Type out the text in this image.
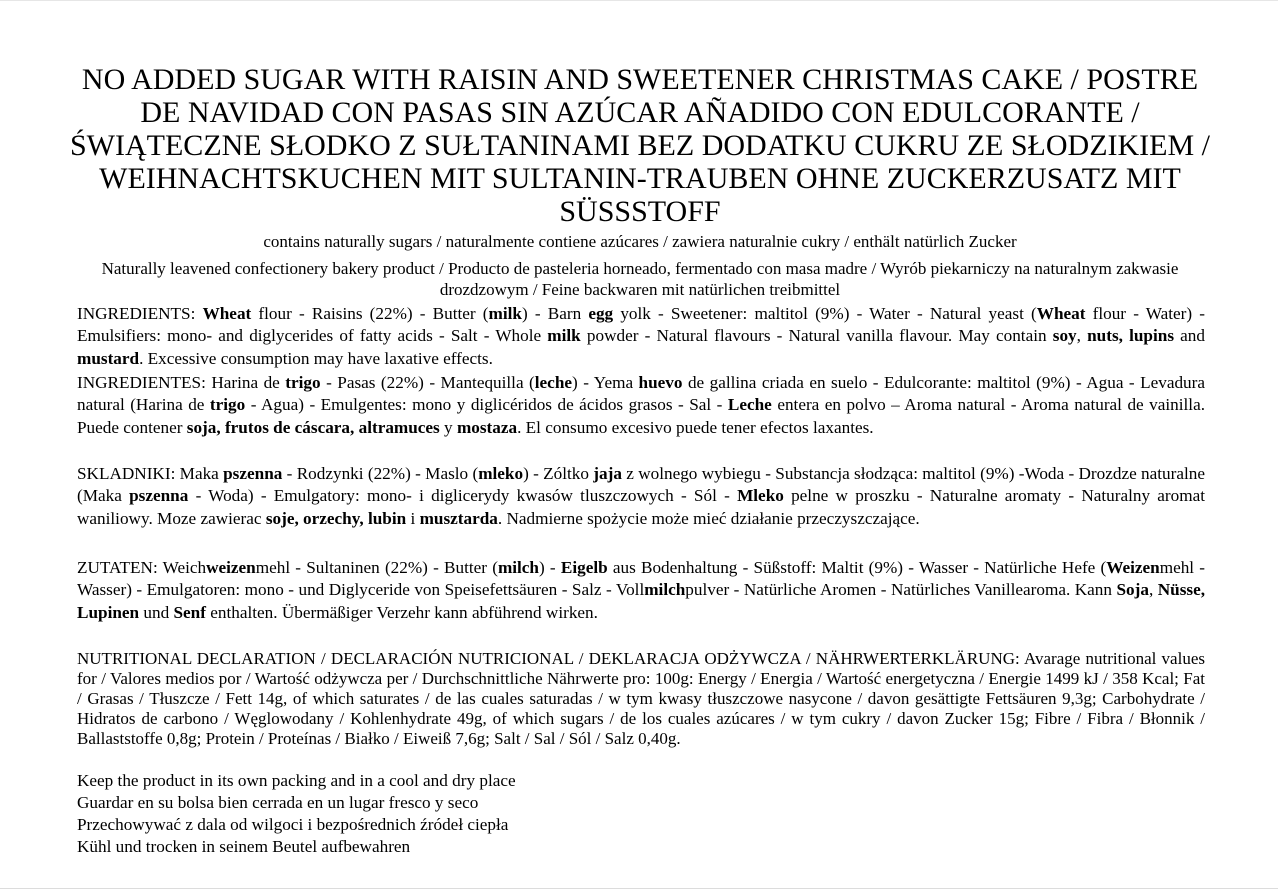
NO ADDED SUGAR WITH RAISIN AND SWEETENER CHRISTMAS CAKE / POSTRE DE NAVIDAD CON PASAS SIN AZÚCAR AÑADIDO CON EDULCORANTE / ŚWIĄTECZNE SŁODKO Z SUŁTANINAMI BEZ DODATKU CUKRU ZE SŁODZIKIEM / WEIHNACHTSKUCHEN MIT SULTANIN-TRAUBEN OHNE ZUCKERZUSATZ MIT SÜSSSTOFF
contains naturally sugars / naturalmente contiene azúcares / zawiera naturalnie cukry / enthält natürlich Zucker
Naturally leavened confectionery bakery product / Producto de pasteleria horneado, fermentado con masa madre / Wyrób piekarniczy na naturalnym zakwasie drozdzowym / Feine backwaren mit natürlichen treibmittel
INGREDIENTS: Wheat flour - Raisins (22%) - Butter (milk) - Barn egg yolk - Sweetener: maltitol (9%) - Water - Natural yeast (Wheat flour - Water) - Emulsifiers: mono- and diglycerides of fatty acids - Salt - Whole milk powder - Natural flavours - Natural vanilla flavour. May contain soy, nuts, lupins and mustard. Excessive consumption may have laxative effects.
INGREDIENTES: Harina de trigo - Pasas (22%) - Mantequilla (leche) - Yema huevo de gallina criada en suelo - Edulcorante: maltitol (9%) - Agua - Levadura natural (Harina de trigo - Agua) - Emulgentes: mono y diglicéridos de ácidos grasos - Sal - Leche entera en polvo – Aroma natural - Aroma natural de vainilla. Puede contener soja, frutos de cáscara, altramuces y mostaza. El consumo excesivo puede tener efectos laxantes.
SKLADNIKI: Maka pszenna - Rodzynki (22%) - Maslo (mleko) - Zóltko jaja z wolnego wybiegu - Substancja słodząca: maltitol (9%) -Woda - Drozdze naturalne (Maka pszenna - Woda) - Emulgatory: mono- i diglicerydy kwasów tluszczowych - Sól - Mleko pelne w proszku - Naturalne aromaty - Naturalny aromat waniliowy. Moze zawierac soje, orzechy, lubin i musztarda. Nadmierne spożycie może mieć działanie przeczyszczające.
ZUTATEN: Weichweizenmehl - Sultaninen (22%) - Butter (milch) - Eigelb aus Bodenhaltung - Süßstoff: Maltit (9%) - Wasser - Natürliche Hefe (Weizenmehl - Wasser) - Emulgatoren: mono - und Diglyceride von Speisefettsäuren - Salz - Vollmilchpulver - Natürliche Aromen - Natürliches Vanillearoma. Kann Soja, Nüsse, Lupinen und Senf enthalten. Übermäßiger Verzehr kann abführend wirken.
NUTRITIONAL DECLARATION / DECLARACIÓN NUTRICIONAL / DEKLARACJA ODŻYWCZA / NÄHRWERTERKLÄRUNG: Avarage nutritional values for / Valores medios por / Wartość odżywcza per / Durchschnittliche Nährwerte pro: 100g: Energy / Energia / Wartość energetyczna / Energie 1499 kJ / 358 Kcal; Fat / Grasas / Tłuszcze / Fett 14g, of which saturates / de las cuales saturadas / w tym kwasy tłuszczowe nasycone / davon gesättigte Fettsäuren 9,3g; Carbohydrate / Hidratos de carbono / Węglowodany / Kohlenhydrate 49g, of which sugars / de los cuales azúcares / w tym cukry / davon Zucker 15g; Fibre / Fibra / Błonnik / Ballaststoffe 0,8g; Protein / Proteínas / Białko / Eiweiß 7,6g; Salt / Sal / Sól / Salz 0,40g.
Keep the product in its own packing and in a cool and dry place
Guardar en su bolsa bien cerrada en un lugar fresco y seco
Przechowywać z dala od wilgoci i bezpośrednich źródeł ciepła
Kühl und trocken in seinem Beutel aufbewahren
